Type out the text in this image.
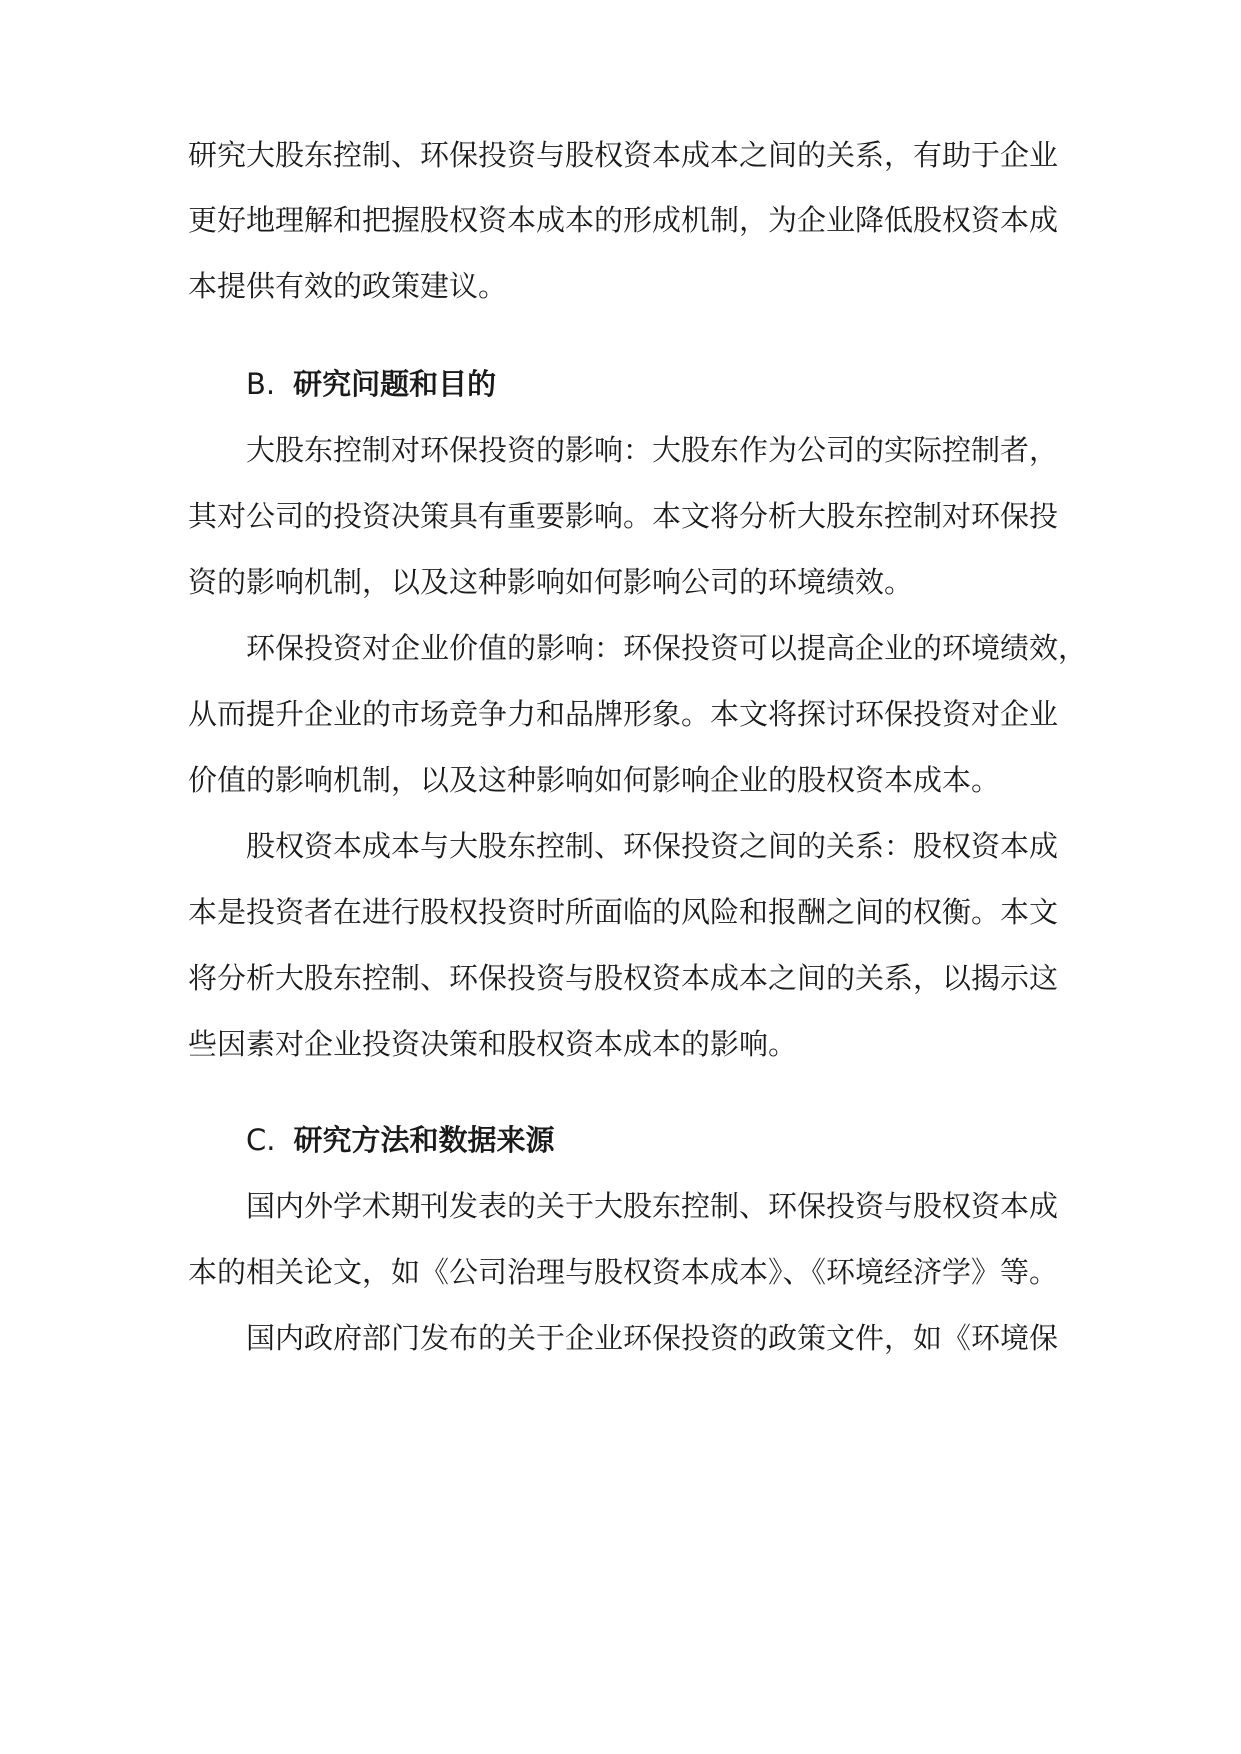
研究大股东控制、环保投资与股权资本成本之间的关系，有助于企业
更好地理解和把握股权资本成本的形成机制，为企业降低股权资本成
本提供有效的政策建议。
B. 研究问题和目的
大股东控制对环保投资的影响：大股东作为公司的实际控制者，
其对公司的投资决策具有重要影响。本文将分析大股东控制对环保投
资的影响机制，以及这种影响如何影响公司的环境绩效。
环保投资对企业价值的影响：环保投资可以提高企业的环境绩效，
从而提升企业的市场竞争力和品牌形象。本文将探讨环保投资对企业
价值的影响机制，以及这种影响如何影响企业的股权资本成本。
股权资本成本与大股东控制、环保投资之间的关系：股权资本成
本是投资者在进行股权投资时所面临的风险和报酬之间的权衡。本文
将分析大股东控制、环保投资与股权资本成本之间的关系，以揭示这
些因素对企业投资决策和股权资本成本的影响。
C. 研究方法和数据来源
国内外学术期刊发表的关于大股东控制、环保投资与股权资本成
本的相关论文，如《公司治理与股权资本成本》、《环境经济学》等。
国内政府部门发布的关于企业环保投资的政策文件，如《环境保
